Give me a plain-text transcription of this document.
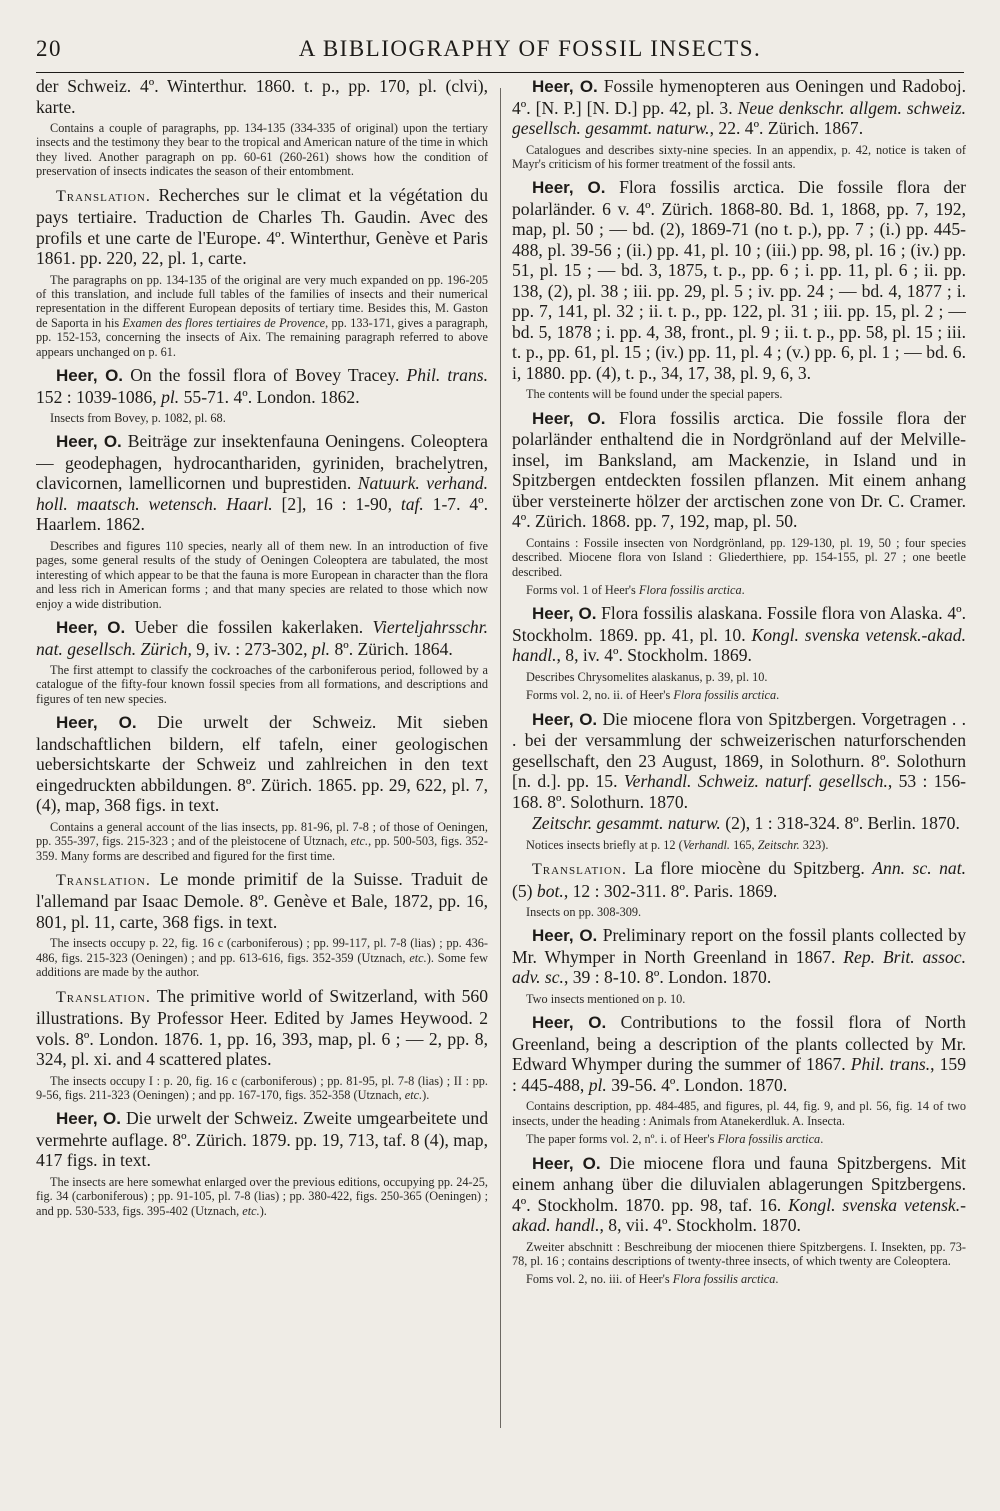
20	A BIBLIOGRAPHY OF FOSSIL INSECTS.

der Schweiz. 4º. Winterthur. 1860. t. p., pp. 170, pl. (clvi), karte.

Contains a couple of paragraphs, pp. 134-135 (334-335 of original) upon the tertiary insects and the testimony they bear to the tropical and American nature of the time in which they lived. Another paragraph on pp. 60-61 (260-261) shows how the condition of preservation of insects indicates the season of their entombment.

Translation. Recherches sur le climat et la végétation du pays tertiaire. Traduction de Charles Th. Gaudin. Avec des profils et une carte de l'Europe. 4º. Winterthur, Genève et Paris 1861. pp. 220, 22, pl. 1, carte.

The paragraphs on pp. 134-135 of the original are very much expanded on pp. 196-205 of this translation, and include full tables of the families of insects and their numerical representation in the different European deposits of tertiary time. Besides this, M. Gaston de Saporta in his Examen des flores tertiaires de Provence, pp. 133-171, gives a paragraph, pp. 152-153, concerning the insects of Aix. The remaining paragraph referred to above appears unchanged on p. 61.

Heer, O. On the fossil flora of Bovey Tracey. Phil. trans. 152 : 1039-1086, pl. 55-71. 4º. London. 1862.

Insects from Bovey, p. 1082, pl. 68.

Heer, O. Beiträge zur insektenfauna Oeningens. Coleoptera — geodephagen, hydrocanthariden, gyriniden, brachelytren, clavicornen, lamellicornen und buprestiden. Natuurk. verhand. holl. maatsch. wetensch. Haarl. [2], 16 : 1-90, taf. 1-7. 4º. Haarlem. 1862.

Describes and figures 110 species, nearly all of them new. In an introduction of five pages, some general results of the study of Oeningen Coleoptera are tabulated, the most interesting of which appear to be that the fauna is more European in character than the flora and less rich in American forms ; and that many species are related to those which now enjoy a wide distribution.

Heer, O. Ueber die fossilen kakerlaken. Vierteljahrsschr. nat. gesellsch. Zürich, 9, iv. : 273-302, pl. 8º. Zürich. 1864.

The first attempt to classify the cockroaches of the carboniferous period, followed by a catalogue of the fifty-four known fossil species from all formations, and descriptions and figures of ten new species.

Heer, O. Die urwelt der Schweiz. Mit sieben landschaftlichen bildern, elf tafeln, einer geologischen uebersichtskarte der Schweiz und zahlreichen in den text eingedruckten abbildungen. 8º. Zürich. 1865. pp. 29, 622, pl. 7, (4), map, 368 figs. in text.

Contains a general account of the lias insects, pp. 81-96, pl. 7-8 ; of those of Oeningen, pp. 355-397, figs. 215-323 ; and of the pleistocene of Utznach, etc., pp. 500-503, figs. 352-359. Many forms are described and figured for the first time.

Translation. Le monde primitif de la Suisse. Traduit de l'allemand par Isaac Demole. 8º. Genève et Bale, 1872, pp. 16, 801, pl. 11, carte, 368 figs. in text.

The insects occupy p. 22, fig. 16 c (carboniferous) ; pp. 99-117, pl. 7-8 (lias) ; pp. 436-486, figs. 215-323 (Oeningen) ; and pp. 613-616, figs. 352-359 (Utznach, etc.). Some few additions are made by the author.

Translation. The primitive world of Switzerland, with 560 illustrations. By Professor Heer. Edited by James Heywood. 2 vols. 8º. London. 1876. 1, pp. 16, 393, map, pl. 6 ; — 2, pp. 8, 324, pl. xi. and 4 scattered plates.

The insects occupy I : p. 20, fig. 16 c (carboniferous) ; pp. 81-95, pl. 7-8 (lias) ; II : pp. 9-56, figs. 211-323 (Oeningen) ; and pp. 167-170, figs. 352-358 (Utznach, etc.).

Heer, O. Die urwelt der Schweiz. Zweite umgearbeitete und vermehrte auflage. 8º. Zürich. 1879. pp. 19, 713, taf. 8 (4), map, 417 figs. in text.

The insects are here somewhat enlarged over the previous editions, occupying pp. 24-25, fig. 34 (carboniferous) ; pp. 91-105, pl. 7-8 (lias) ; pp. 380-422, figs. 250-365 (Oeningen) ; and pp. 530-533, figs. 395-402 (Utznach, etc.).

Heer, O. Fossile hymenopteren aus Oeningen und Radoboj. 4º. [N. P.] [N. D.] pp. 42, pl. 3. Neue denkschr. allgem. schweiz. gesellsch. gesammt. naturw., 22. 4º. Zürich. 1867.

Catalogues and describes sixty-nine species. In an appendix, p. 42, notice is taken of Mayr's criticism of his former treatment of the fossil ants.

Heer, O. Flora fossilis arctica. Die fossile flora der polarländer. 6 v. 4º. Zürich. 1868-80. Bd. 1, 1868, pp. 7, 192, map, pl. 50 ; — bd. (2), 1869-71 (no t. p.), pp. 7 ; (i.) pp. 445-488, pl. 39-56 ; (ii.) pp. 41, pl. 10 ; (iii.) pp. 98, pl. 16 ; (iv.) pp. 51, pl. 15 ; — bd. 3, 1875, t. p., pp. 6 ; i. pp. 11, pl. 6 ; ii. pp. 138, (2), pl. 38 ; iii. pp. 29, pl. 5 ; iv. pp. 24 ; — bd. 4, 1877 ; i. pp. 7, 141, pl. 32 ; ii. t. p., pp. 122, pl. 31 ; iii. pp. 15, pl. 2 ; — bd. 5, 1878 ; i. pp. 4, 38, front., pl. 9 ; ii. t. p., pp. 58, pl. 15 ; iii. t. p., pp. 61, pl. 15 ; (iv.) pp. 11, pl. 4 ; (v.) pp. 6, pl. 1 ; — bd. 6. i, 1880. pp. (4), t. p., 34, 17, 38, pl. 9, 6, 3.

The contents will be found under the special papers.

Heer, O. Flora fossilis arctica. Die fossile flora der polarländer enthaltend die in Nordgrönland auf der Melville-insel, im Banksland, am Mackenzie, in Island und in Spitzbergen entdeckten fossilen pflanzen. Mit einem anhang über versteinerte hölzer der arctischen zone von Dr. C. Cramer. 4º. Zürich. 1868. pp. 7, 192, map, pl. 50.

Contains : Fossile insecten von Nordgrönland, pp. 129-130, pl. 19, 50 ; four species described. Miocene flora von Island : Gliederthiere, pp. 154-155, pl. 27 ; one beetle described.

Forms vol. 1 of Heer's Flora fossilis arctica.

Heer, O. Flora fossilis alaskana. Fossile flora von Alaska. 4º. Stockholm. 1869. pp. 41, pl. 10. Kongl. svenska vetensk.-akad. handl., 8, iv. 4º. Stockholm. 1869.

Describes Chrysomelites alaskanus, p. 39, pl. 10.

Forms vol. 2, no. ii. of Heer's Flora fossilis arctica.

Heer, O. Die miocene flora von Spitzbergen. Vorgetragen . . . bei der versammlung der schweizerischen naturforschenden gesellschaft, den 23 August, 1869, in Solothurn. 8º. Solothurn [n. d.]. pp. 15. Verhandl. Schweiz. naturf. gesellsch., 53 : 156-168. 8º. Solothurn. 1870.

Zeitschr. gesammt. naturw. (2), 1 : 318-324. 8º. Berlin. 1870.

Notices insects briefly at p. 12 (Verhandl. 165, Zeitschr. 323).

Translation. La flore miocène du Spitzberg. Ann. sc. nat. (5) bot., 12 : 302-311. 8º. Paris. 1869.

Insects on pp. 308-309.

Heer, O. Preliminary report on the fossil plants collected by Mr. Whymper in North Greenland in 1867. Rep. Brit. assoc. adv. sc., 39 : 8-10. 8º. London. 1870.

Two insects mentioned on p. 10.

Heer, O. Contributions to the fossil flora of North Greenland, being a description of the plants collected by Mr. Edward Whymper during the summer of 1867. Phil. trans., 159 : 445-488, pl. 39-56. 4º. London. 1870.

Contains description, pp. 484-485, and figures, pl. 44, fig. 9, and pl. 56, fig. 14 of two insects, under the heading : Animals from Atanekerdluk. A. Insecta.

The paper forms vol. 2, nº. i. of Heer's Flora fossilis arctica.

Heer, O. Die miocene flora und fauna Spitzbergens. Mit einem anhang über die diluvialen ablagerungen Spitzbergens. 4º. Stockholm. 1870. pp. 98, taf. 16. Kongl. svenska vetensk.-akad. handl., 8, vii. 4º. Stockholm. 1870.

Zweiter abschnitt : Beschreibung der miocenen thiere Spitzbergens. I. Insekten, pp. 73-78, pl. 16 ; contains descriptions of twenty-three insects, of which twenty are Coleoptera.

Foms vol. 2, no. iii. of Heer's Flora fossilis arctica.
